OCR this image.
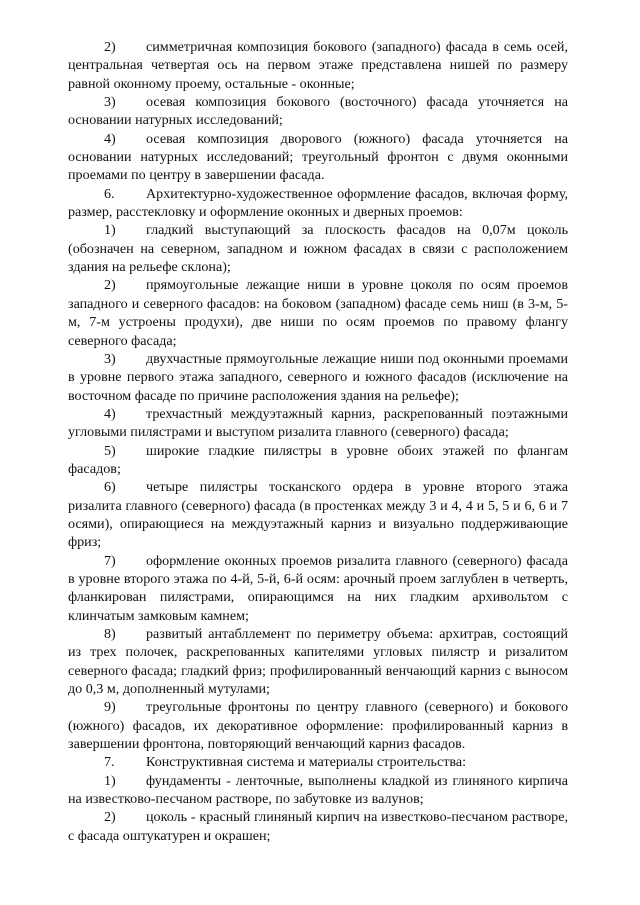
2) симметричная композиция бокового (западного) фасада в семь осей, центральная четвертая ось на первом этаже представлена нишей по размеру равной оконному проему, остальные - оконные;

3) осевая композиция бокового (восточного) фасада уточняется на основании натурных исследований;

4) осевая композиция дворового (южного) фасада уточняется на основании натурных исследований; треугольный фронтон с двумя оконными проемами по центру в завершении фасада.

6. Архитектурно-художественное оформление фасадов, включая форму, размер, расстекловку и оформление оконных и дверных проемов:

1) гладкий выступающий за плоскость фасадов на 0,07м цоколь (обозначен на северном, западном и южном фасадах в связи с расположением здания на рельефе склона);

2) прямоугольные лежащие ниши в уровне цоколя по осям проемов западного и северного фасадов: на боковом (западном) фасаде семь ниш (в 3-м, 5-м, 7-м устроены продухи), две ниши по осям проемов по правому флангу северного фасада;

3) двухчастные прямоугольные лежащие ниши под оконными проемами в уровне первого этажа западного, северного и южного фасадов (исключение на восточном фасаде по причине расположения здания на рельефе);

4) трехчастный междуэтажный карниз, раскрепованный поэтажными угловыми пилястрами и выступом ризалита главного (северного) фасада;

5) широкие гладкие пилястры в уровне обоих этажей по флангам фасадов;

6) четыре пилястры тосканского ордера в уровне второго этажа ризалита главного (северного) фасада (в простенках между 3 и 4, 4 и 5, 5 и 6, 6 и 7 осями), опирающиеся на междуэтажный карниз и визуально поддерживающие фриз;

7) оформление оконных проемов ризалита главного (северного) фасада в уровне второго этажа по 4-й, 5-й, 6-й осям: арочный проем заглублен в четверть, фланкирован пилястрами, опирающимся на них гладким архивольтом с клинчатым замковым камнем;

8) развитый антабллемент по периметру объема: архитрав, состоящий из трех полочек, раскрепованных капителями угловых пилястр и ризалитом северного фасада; гладкий фриз; профилированный венчающий карниз с выносом до 0,3 м, дополненный мутулами;

9) треугольные фронтоны по центру главного (северного) и бокового (южного) фасадов, их декоративное оформление: профилированный карниз в завершении фронтона, повторяющий венчающий карниз фасадов.

7. Конструктивная система и материалы строительства:

1) фундаменты - ленточные, выполнены кладкой из глиняного кирпича на известково-песчаном растворе, по забутовке из валунов;

2) цоколь - красный глиняный кирпич на известково-песчаном растворе, с фасада оштукатурен и окрашен;
